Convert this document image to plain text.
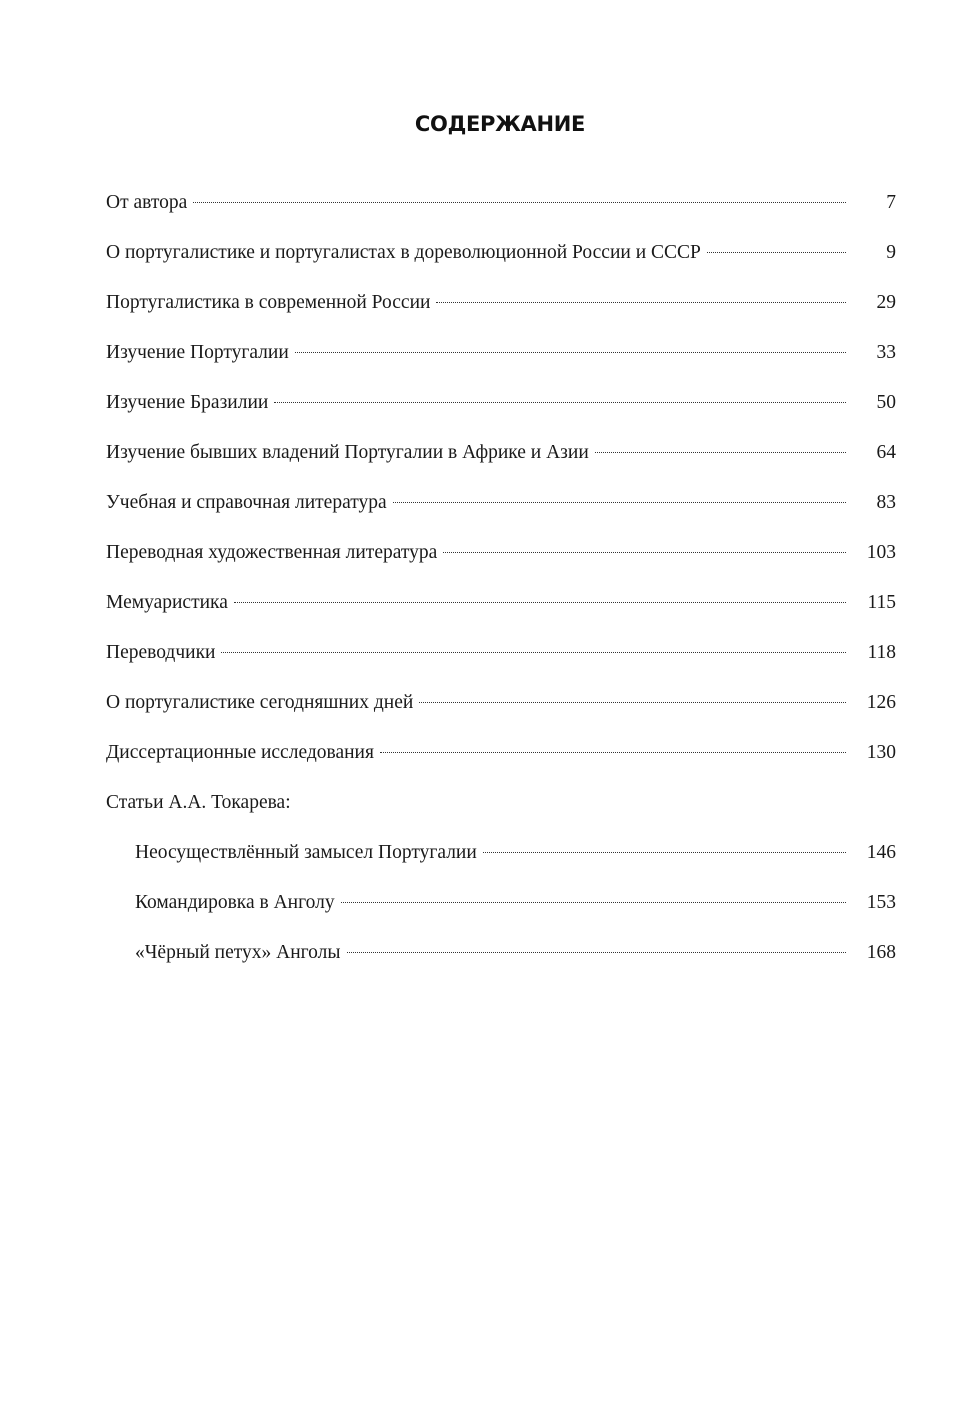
СОДЕРЖАНИЕ
От автора	7
О португалистике и португалистах в дореволюционной России и СССР	9
Португалистика в современной России	29
Изучение Португалии	33
Изучение Бразилии	50
Изучение бывших владений Португалии в Африке и Азии	64
Учебная и справочная литература	83
Переводная художественная литература	103
Мемуаристика	115
Переводчики	118
О португалистике сегодняшних дней	126
Диссертационные исследования	130
Статьи А.А. Токарева:
Неосуществлённый замысел Португалии	146
Командировка в Анголу	153
«Чёрный петух» Анголы	168
